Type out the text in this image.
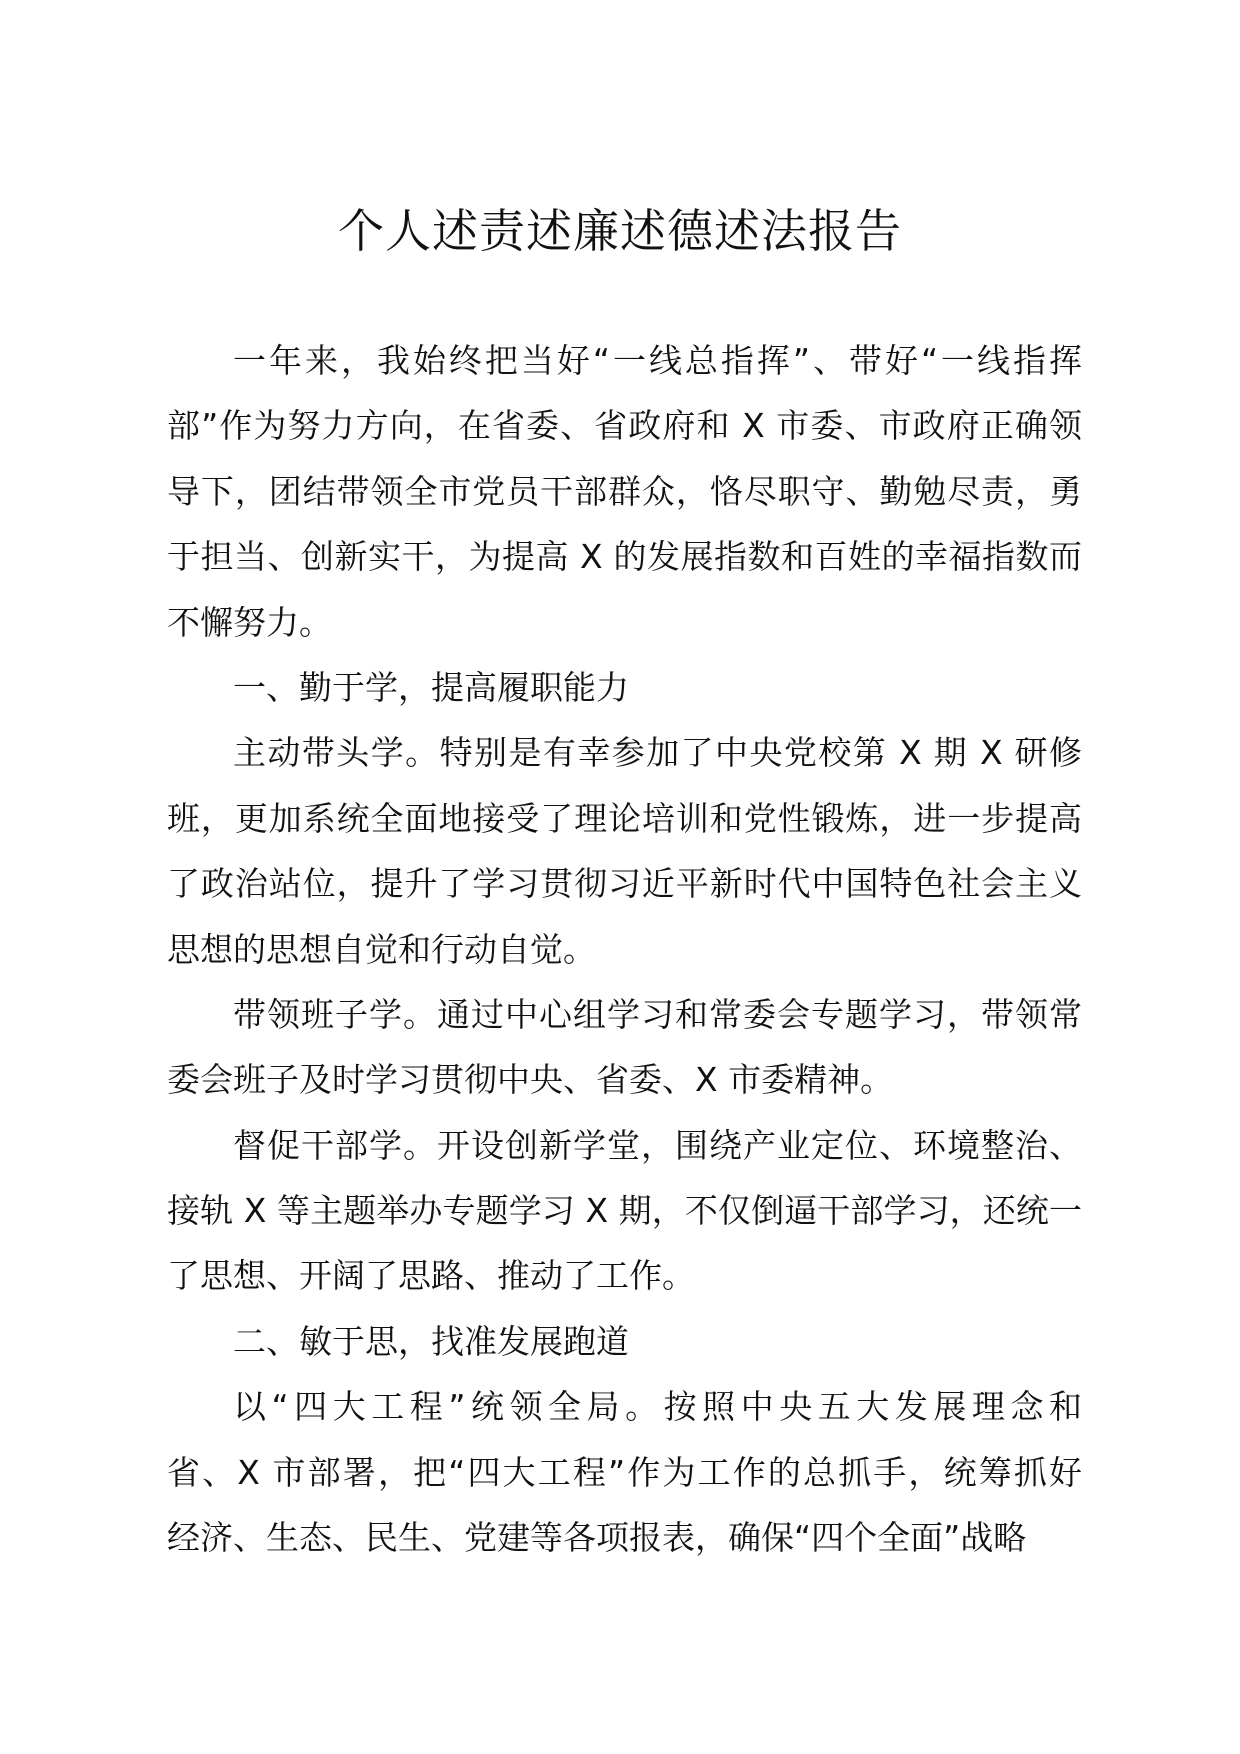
个人述责述廉述德述法报告
一年来，我始终把当好“一线总指挥”、带好“一线指挥
部”作为努力方向，在省委、省政府和 X 市委、市政府正确领
导下，团结带领全市党员干部群众，恪尽职守、勤勉尽责，勇
于担当、创新实干，为提高 X 的发展指数和百姓的幸福指数而
不懈努力。
一、勤于学，提高履职能力
主动带头学。特别是有幸参加了中央党校第 X 期 X 研修
班，更加系统全面地接受了理论培训和党性锻炼，进一步提高
了政治站位，提升了学习贯彻习近平新时代中国特色社会主义
思想的思想自觉和行动自觉。
带领班子学。通过中心组学习和常委会专题学习，带领常
委会班子及时学习贯彻中央、省委、X 市委精神。
督促干部学。开设创新学堂，围绕产业定位、环境整治、
接轨 X 等主题举办专题学习 X 期，不仅倒逼干部学习，还统一
了思想、开阔了思路、推动了工作。
二、敏于思，找准发展跑道
以“四大工程”统领全局。按照中央五大发展理念和
省、X 市部署，把“四大工程”作为工作的总抓手，统筹抓好
经济、生态、民生、党建等各项报表，确保“四个全面”战略
